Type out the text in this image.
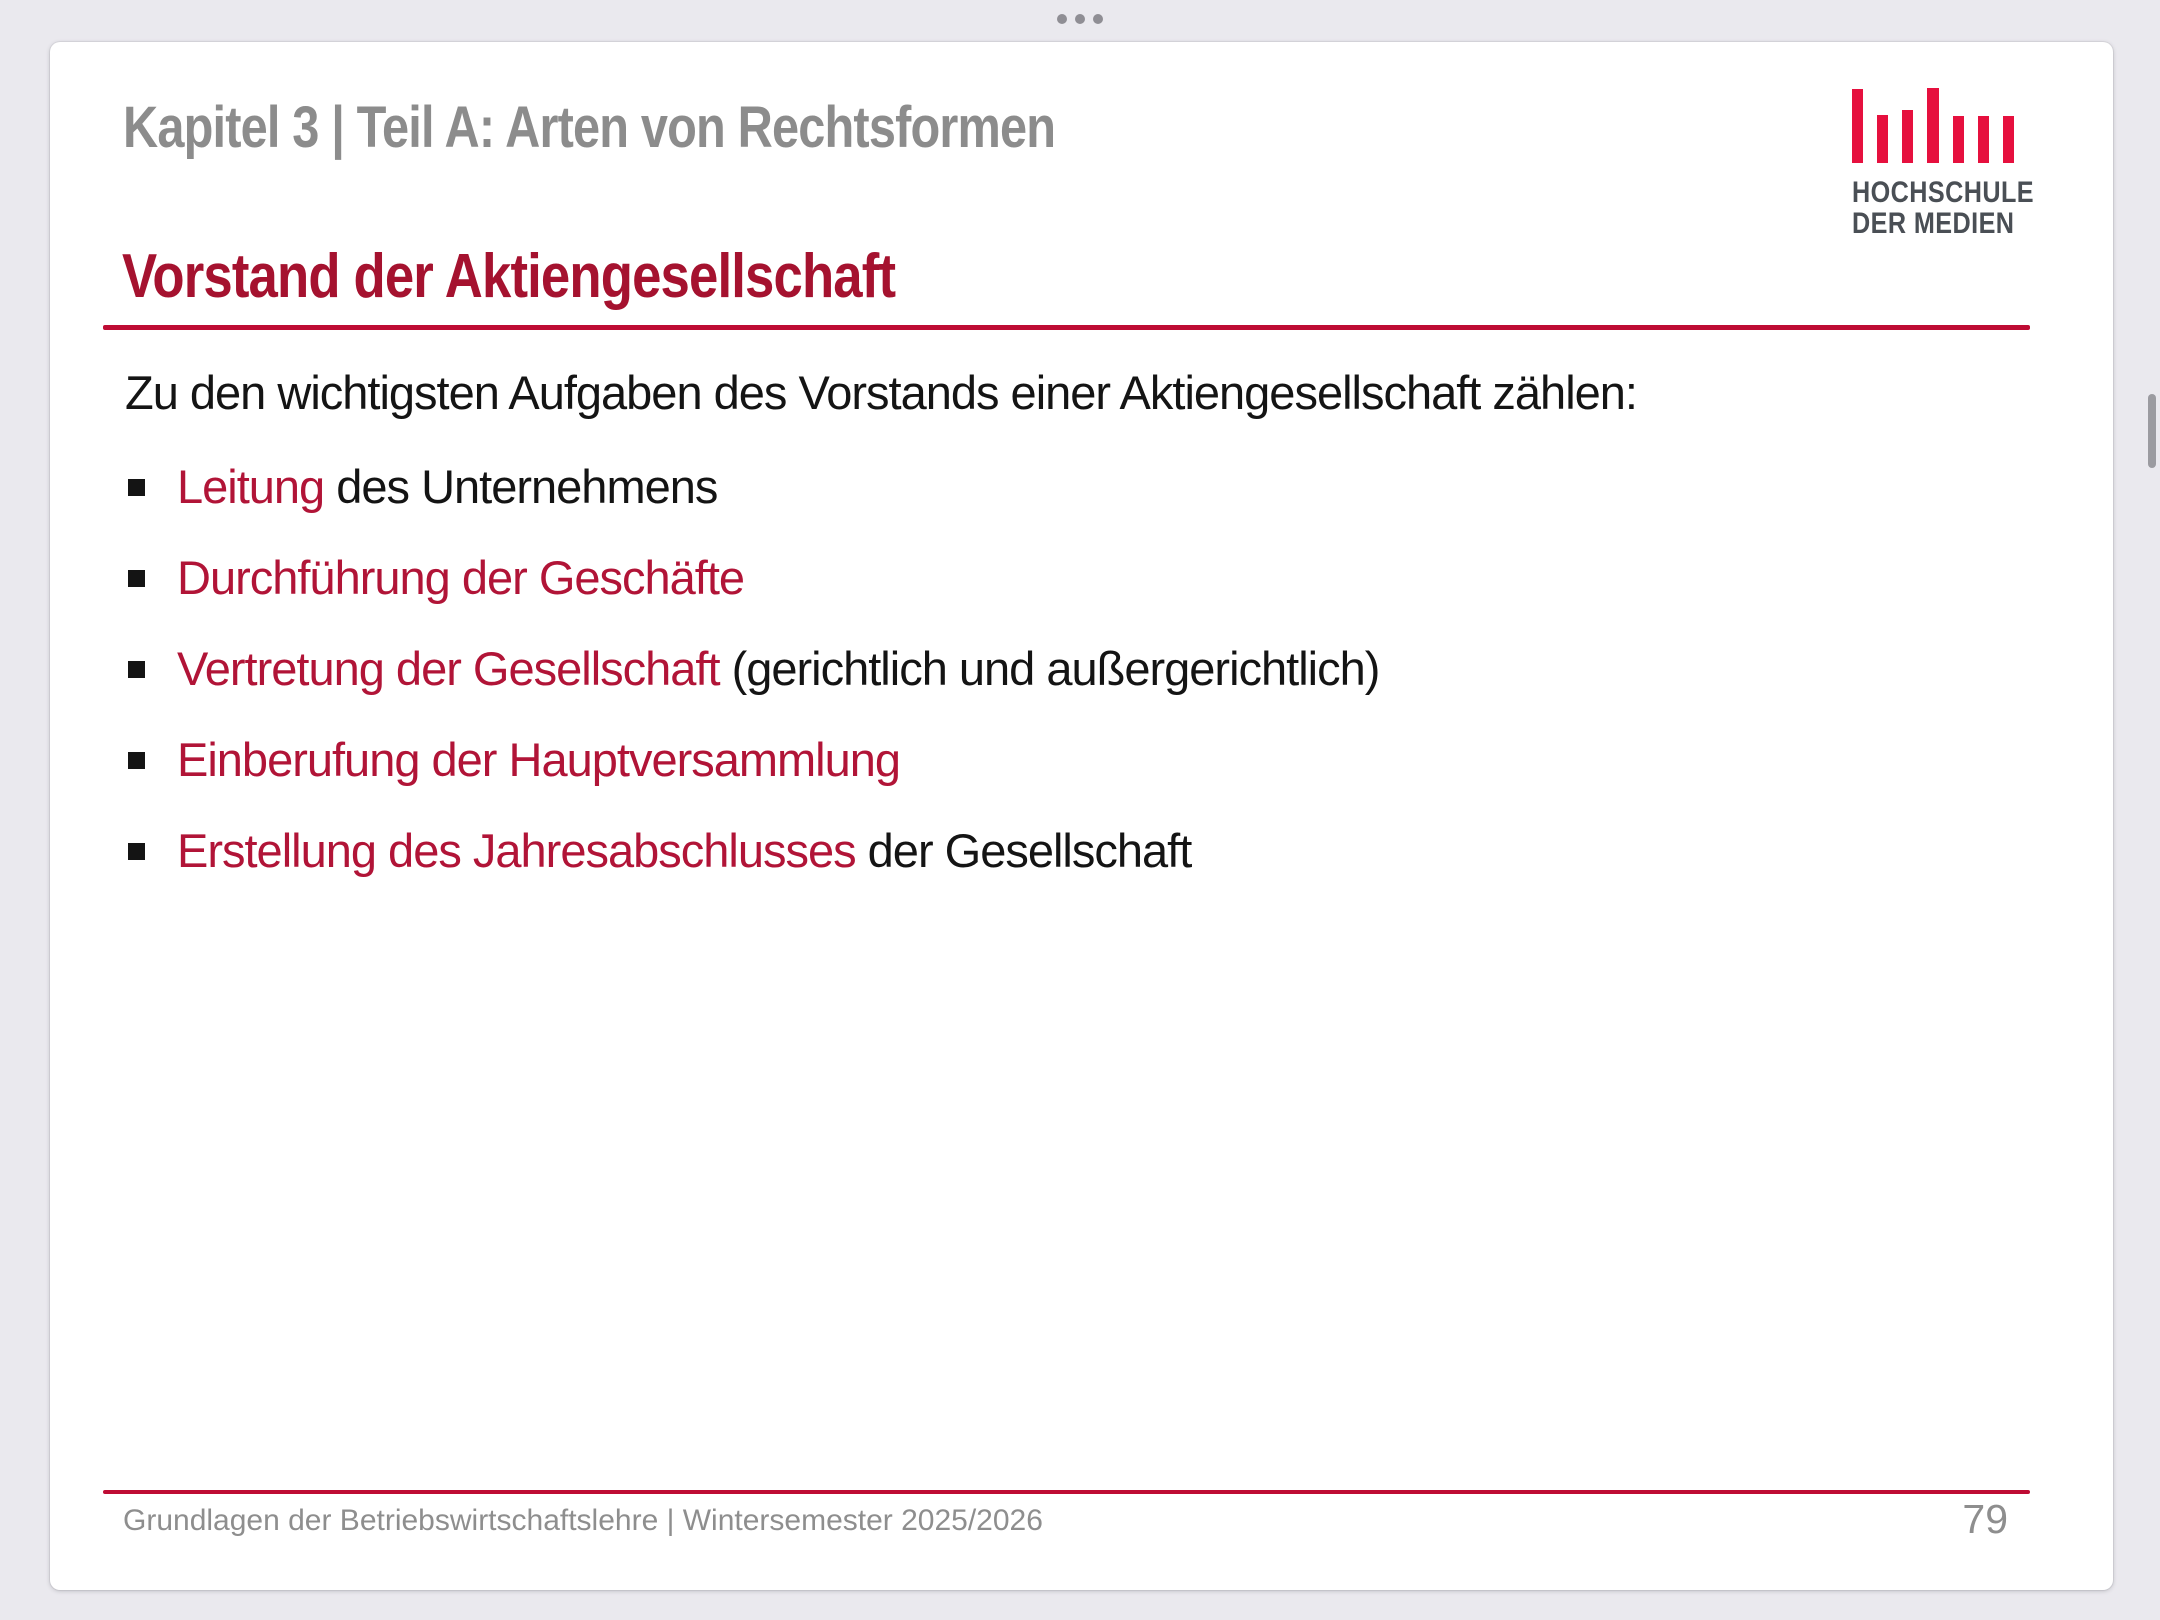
Kapitel 3 | Teil A: Arten von Rechtsformen
HOCHSCHULE
DER MEDIEN
Vorstand der Aktiengesellschaft

Zu den wichtigsten Aufgaben des Vorstands einer Aktiengesellschaft zählen:

Leitung des Unternehmens
Durchführung der Geschäfte
Vertretung der Gesellschaft (gerichtlich und außergerichtlich)
Einberufung der Hauptversammlung
Erstellung des Jahresabschlusses der Gesellschaft
Grundlagen der Betriebswirtschaftslehre | Wintersemester 2025/2026	79
